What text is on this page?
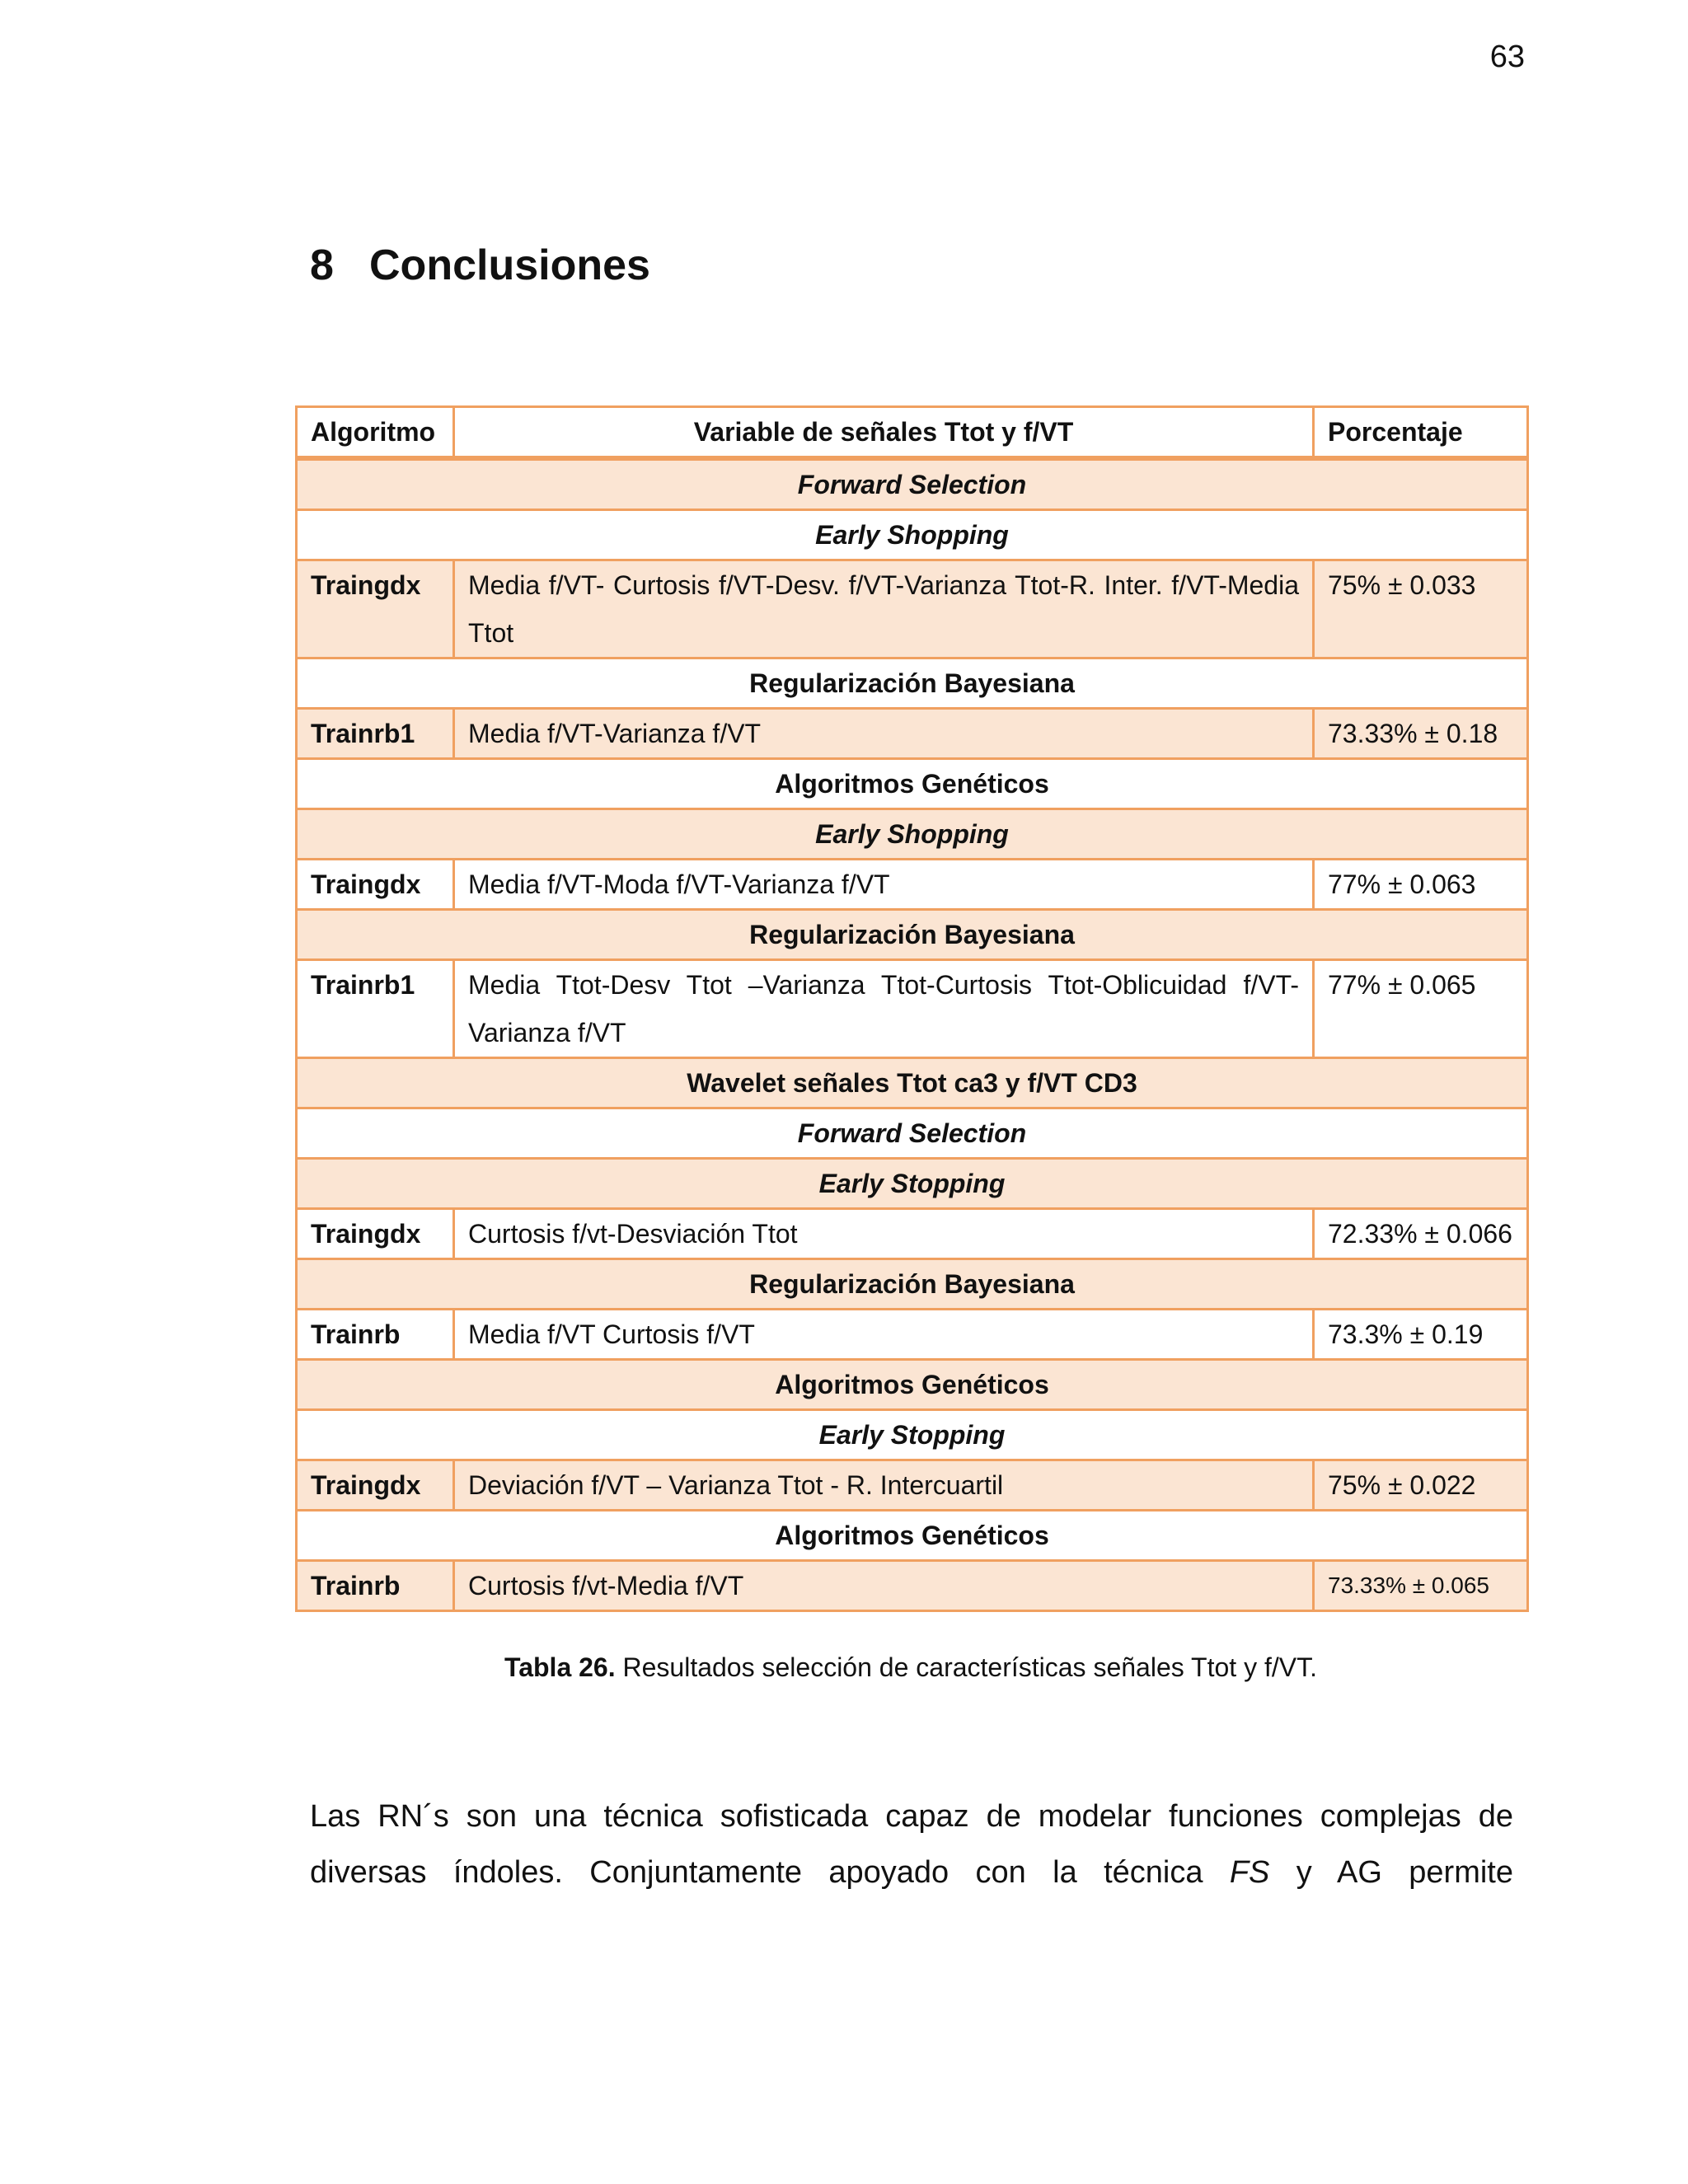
63
8 Conclusiones
Algoritmo	Variable de señales Ttot y f/VT	Porcentaje
Forward Selection		
Early Shopping		
Traingdx	Media f/VT- Curtosis f/VT-Desv. f/VT-Varianza Ttot-R. Inter. f/VT-Media Ttot	75% ± 0.033
Regularización Bayesiana		
Trainrb1	Media f/VT-Varianza f/VT	73.33% ± 0.18
Algoritmos Genéticos		
Early Shopping		
Traingdx	Media f/VT-Moda f/VT-Varianza f/VT	77% ± 0.063
Regularización Bayesiana		
Trainrb1	Media Ttot-Desv Ttot –Varianza Ttot-Curtosis Ttot-Oblicuidad f/VT-Varianza f/VT	77% ± 0.065
Wavelet señales Ttot ca3 y f/VT CD3		
Forward Selection		
Early Stopping		
Traingdx	Curtosis f/vt-Desviación Ttot	72.33% ± 0.066
Regularización Bayesiana		
Trainrb	Media f/VT Curtosis f/VT	73.3% ± 0.19
Algoritmos Genéticos		
Early Stopping		
Traingdx	Deviación f/VT – Varianza Ttot - R. Intercuartil	75% ± 0.022
Algoritmos Genéticos		
Trainrb	Curtosis f/vt-Media f/VT	73.33% ± 0.065

Tabla 26. Resultados selección de características señales Ttot y f/VT.

Las RN´s son una técnica sofisticada capaz de modelar funciones complejas de diversas índoles. Conjuntamente apoyado con la técnica FS y AG permite
